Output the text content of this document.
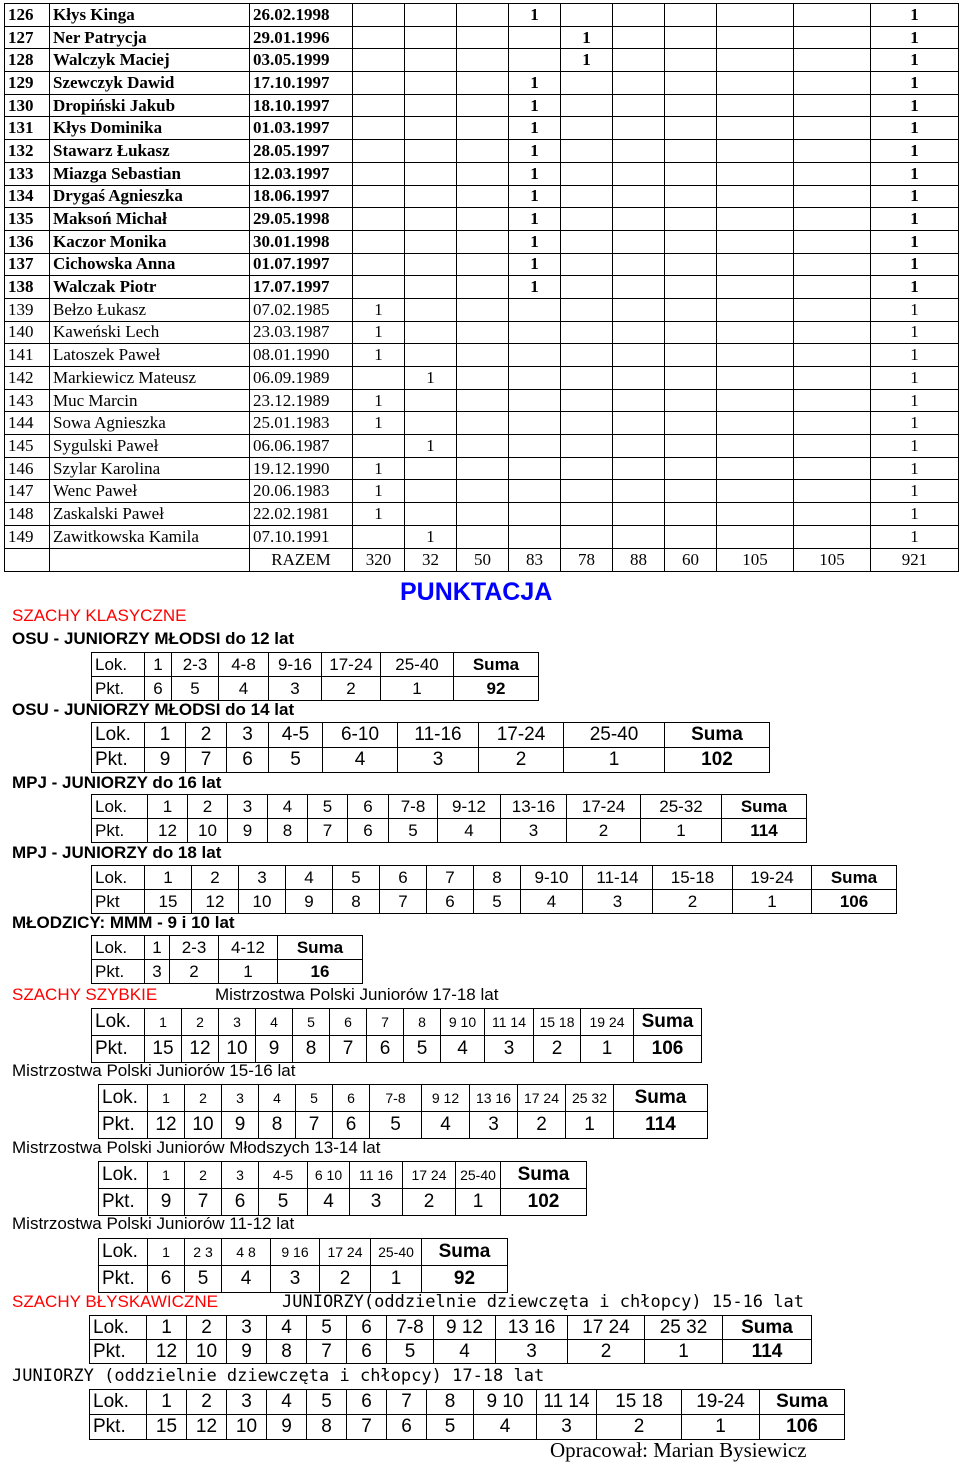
126	Kłys Kinga	26.02.1998				1						1
127	Ner Patrycja	29.01.1996					1					1
128	Walczyk Maciej	03.05.1999					1					1
129	Szewczyk Dawid	17.10.1997				1						1
130	Dropiński Jakub	18.10.1997				1						1
131	Kłys Dominika	01.03.1997				1						1
132	Stawarz Łukasz	28.05.1997				1						1
133	Miazga Sebastian	12.03.1997				1						1
134	Drygaś Agnieszka	18.06.1997				1						1
135	Maksoń Michał	29.05.1998				1						1
136	Kaczor Monika	30.01.1998				1						1
137	Cichowska Anna	01.07.1997				1						1
138	Walczak Piotr	17.07.1997				1						1
139	Bełzo Łukasz	07.02.1985	1									1
140	Kaweński Lech	23.03.1987	1									1
141	Latoszek Paweł	08.01.1990	1									1
142	Markiewicz Mateusz	06.09.1989		1								1
143	Muc Marcin	23.12.1989	1									1
144	Sowa Agnieszka	25.01.1983	1									1
145	Sygulski Paweł	06.06.1987		1								1
146	Szylar Karolina	19.12.1990	1									1
147	Wenc Paweł	20.06.1983	1									1
148	Zaskalski Paweł	22.02.1981	1									1
149	Zawitkowska Kamila	07.10.1991		1								1
		RAZEM	320	32	50	83	78	88	60	105	105	921
PUNKTACJA
SZACHY KLASYCZNE
OSU - JUNIORZY MŁODSI do 12 lat
Lok.	1	2-3	4-8	9-16	17-24	25-40	Suma
Pkt.	6	5	4	3	2	1	92
OSU - JUNIORZY MŁODSI do 14 lat
Lok.	1	2	3	4-5	6-10	11-16	17-24	25-40	Suma
Pkt.	9	7	6	5	4	3	2	1	102
MPJ - JUNIORZY do 16 lat
Lok.	1	2	3	4	5	6	7-8	9-12	13-16	17-24	25-32	Suma
Pkt.	12	10	9	8	7	6	5	4	3	2	1	114
MPJ - JUNIORZY do 18 lat
Lok.	1	2	3	4	5	6	7	8	9-10	11-14	15-18	19-24	Suma
Pkt	15	12	10	9	8	7	6	5	4	3	2	1	106
MŁODZICY: MMM - 9 i 10 lat
Lok.	1	2-3	4-12	Suma
Pkt.	3	2	1	16
SZACHY SZYBKIE	Mistrzostwa Polski Juniorów 17-18 lat
Lok.	1	2	3	4	5	6	7	8	9 10	11 14	15 18	19 24	Suma
Pkt.	15	12	10	9	8	7	6	5	4	3	2	1	106
Mistrzostwa Polski Juniorów 15-16 lat
Lok.	1	2	3	4	5	6	7-8	9 12	13 16	17 24	25 32	Suma
Pkt.	12	10	9	8	7	6	5	4	3	2	1	114
Mistrzostwa Polski Juniorów Młodszych 13-14 lat
Lok.	1	2	3	4-5	6 10	11 16	17 24	25-40	Suma
Pkt.	9	7	6	5	4	3	2	1	102
Mistrzostwa Polski Juniorów 11-12 lat
Lok.	1	2 3	4 8	9 16	17 24	25-40	Suma
Pkt.	6	5	4	3	2	1	92
SZACHY BŁYSKAWICZNE	JUNIORZY(oddzielnie dziewczęta i chłopcy) 15-16 lat
Lok.	1	2	3	4	5	6	7-8	9 12	13 16	17 24	25 32	Suma
Pkt.	12	10	9	8	7	6	5	4	3	2	1	114
JUNIORZY (oddzielnie dziewczęta i chłopcy) 17-18 lat
Lok.	1	2	3	4	5	6	7	8	9 10	11 14	15 18	19-24	Suma
Pkt.	15	12	10	9	8	7	6	5	4	3	2	1	106
Opracował: Marian Bysiewicz
